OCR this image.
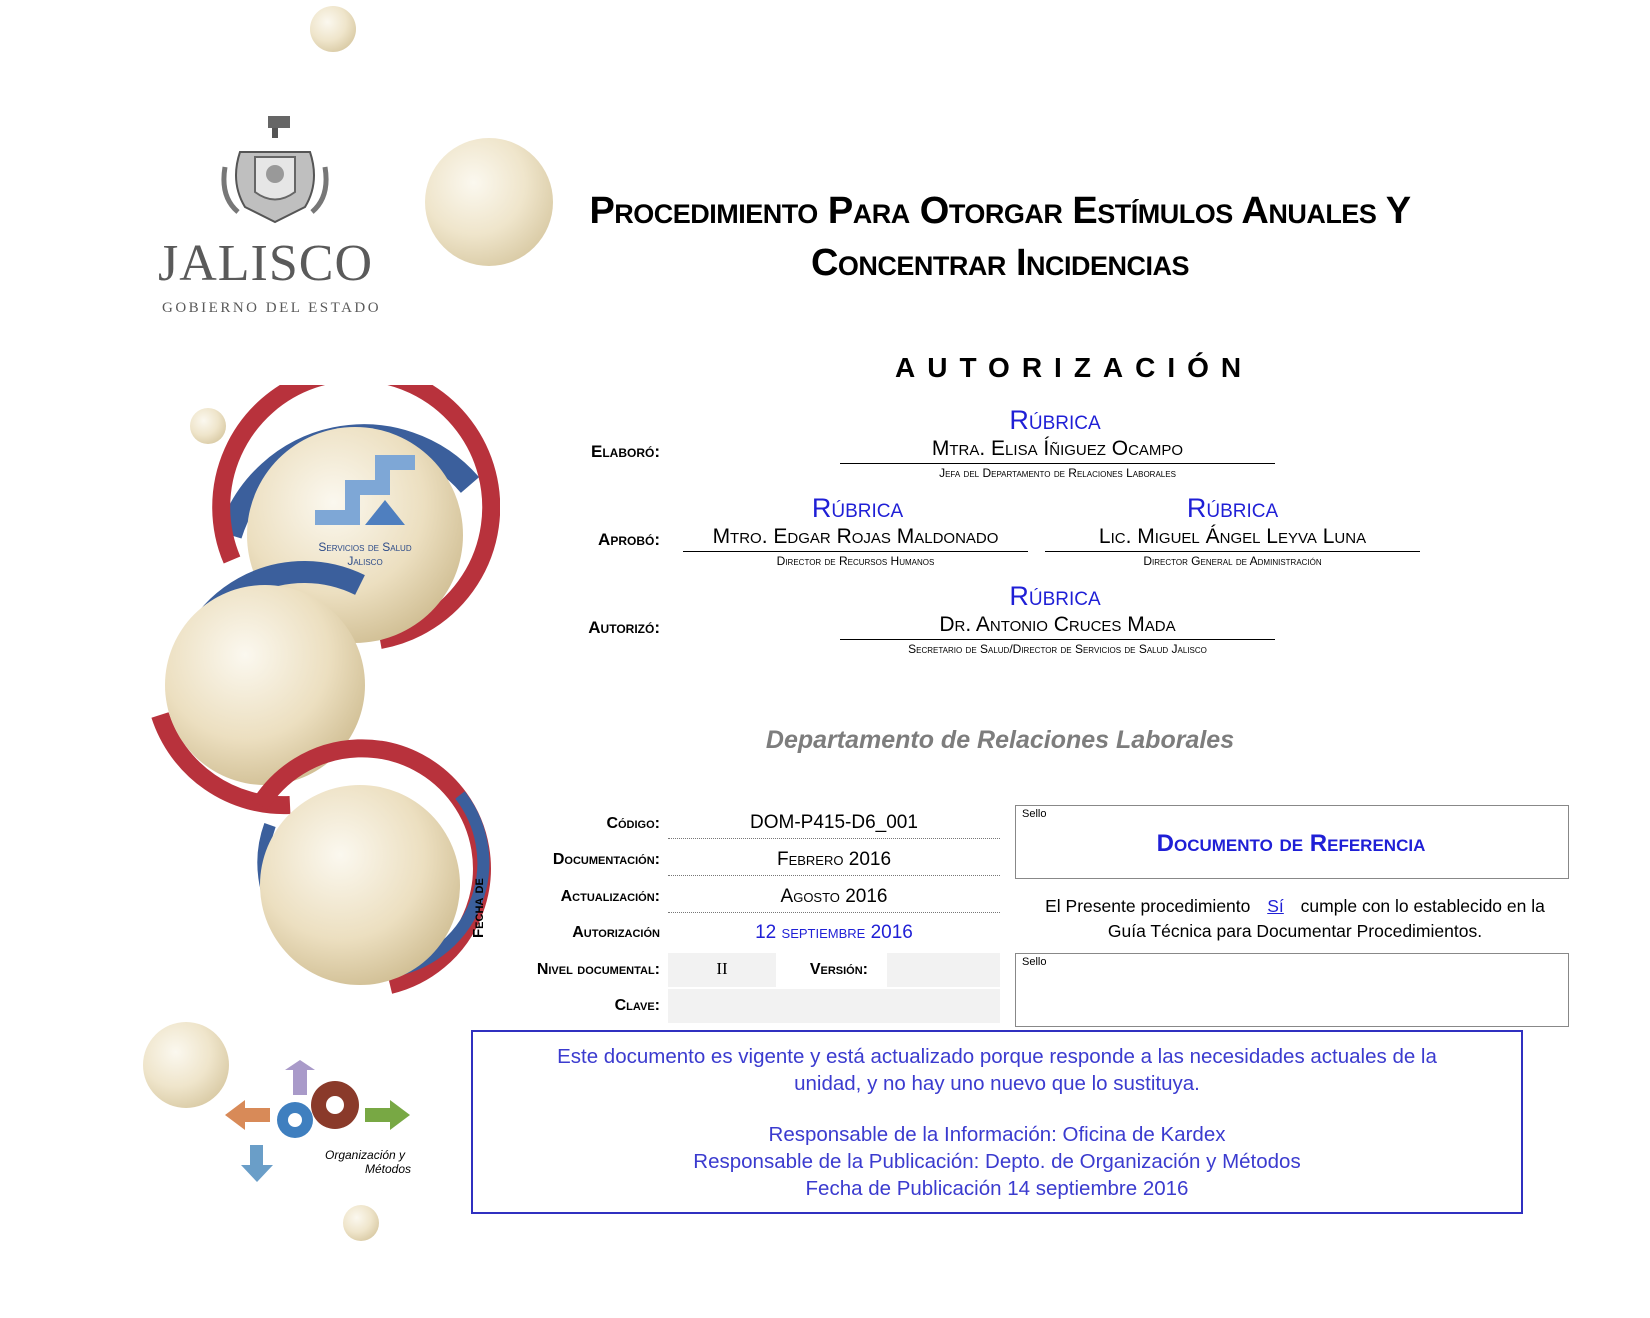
JALISCO
GOBIERNO DEL ESTADO
Servicios de Salud
Jalisco
Organización y
Métodos
Procedimiento Para Otorgar Estímulos Anuales Y
Concentrar Incidencias
AUTORIZACIÓN
Rúbrica
Elaboró:	Mtra. Elisa Íñiguez Ocampo
Jefa del Departamento de Relaciones Laborales
Rúbrica	Rúbrica
Aprobó:	Mtro. Edgar Rojas Maldonado	Lic. Miguel Ángel Leyva Luna
Director de Recursos Humanos	Director General de Administración
Rúbrica
Autorizó:	Dr. Antonio Cruces Mada
Secretario de Salud/Director de Servicios de Salud Jalisco
Departamento de Relaciones Laborales
Código:	DOM-P415-D6_001
Fecha de
Documentación:	Febrero 2016
Actualización:	Agosto 2016
Autorización	12 septiembre 2016
Nivel documental:	II	Versión:
Clave:
Sello
Documento de Referencia
El Presente procedimiento Sí cumple con lo establecido en la
Guía Técnica para Documentar Procedimientos.
Sello
Este documento es vigente y está actualizado porque responde a las necesidades actuales de la
unidad, y no hay uno nuevo que lo sustituya.
Responsable de la Información: Oficina de Kardex
Responsable de la Publicación: Depto. de Organización y Métodos
Fecha de Publicación 14 septiembre 2016
